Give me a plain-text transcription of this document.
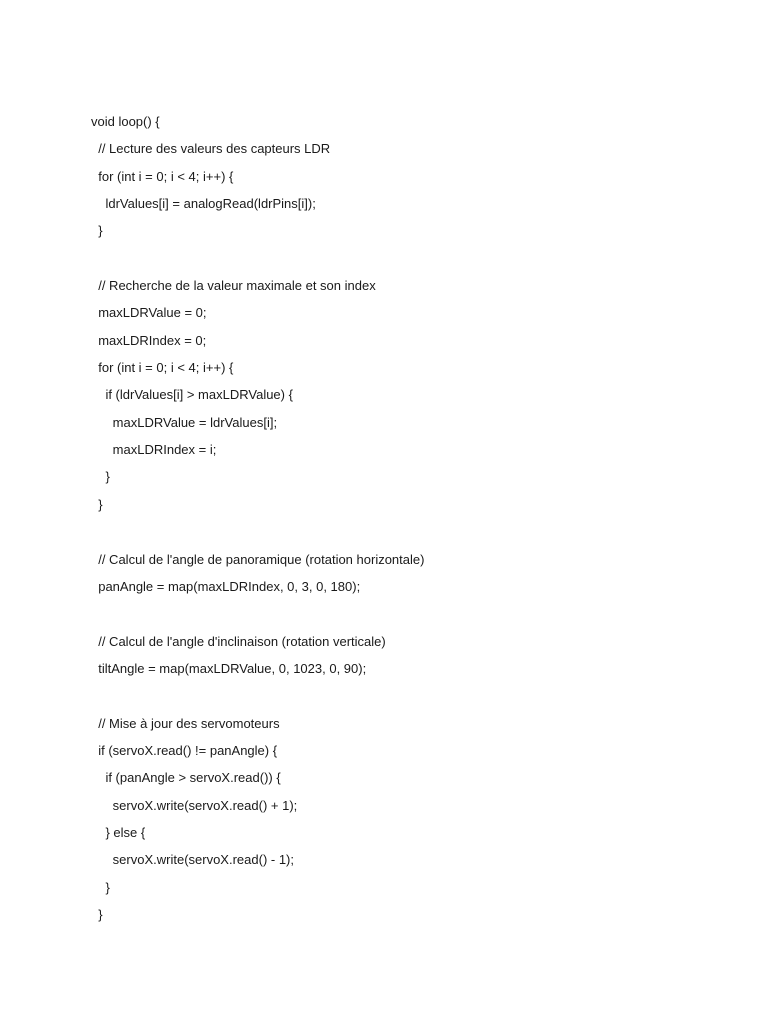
void loop() {
// Lecture des valeurs des capteurs LDR
for (int i = 0; i < 4; i++) {
ldrValues[i] = analogRead(ldrPins[i]);
}
// Recherche de la valeur maximale et son index
maxLDRValue = 0;
maxLDRIndex = 0;
for (int i = 0; i < 4; i++) {
if (ldrValues[i] > maxLDRValue) {
maxLDRValue = ldrValues[i];
maxLDRIndex = i;
}
}
// Calcul de l'angle de panoramique (rotation horizontale)
panAngle = map(maxLDRIndex, 0, 3, 0, 180);
// Calcul de l'angle d'inclinaison (rotation verticale)
tiltAngle = map(maxLDRValue, 0, 1023, 0, 90);
// Mise à jour des servomoteurs
if (servoX.read() != panAngle) {
if (panAngle > servoX.read()) {
servoX.write(servoX.read() + 1);
} else {
servoX.write(servoX.read() - 1);
}
}
